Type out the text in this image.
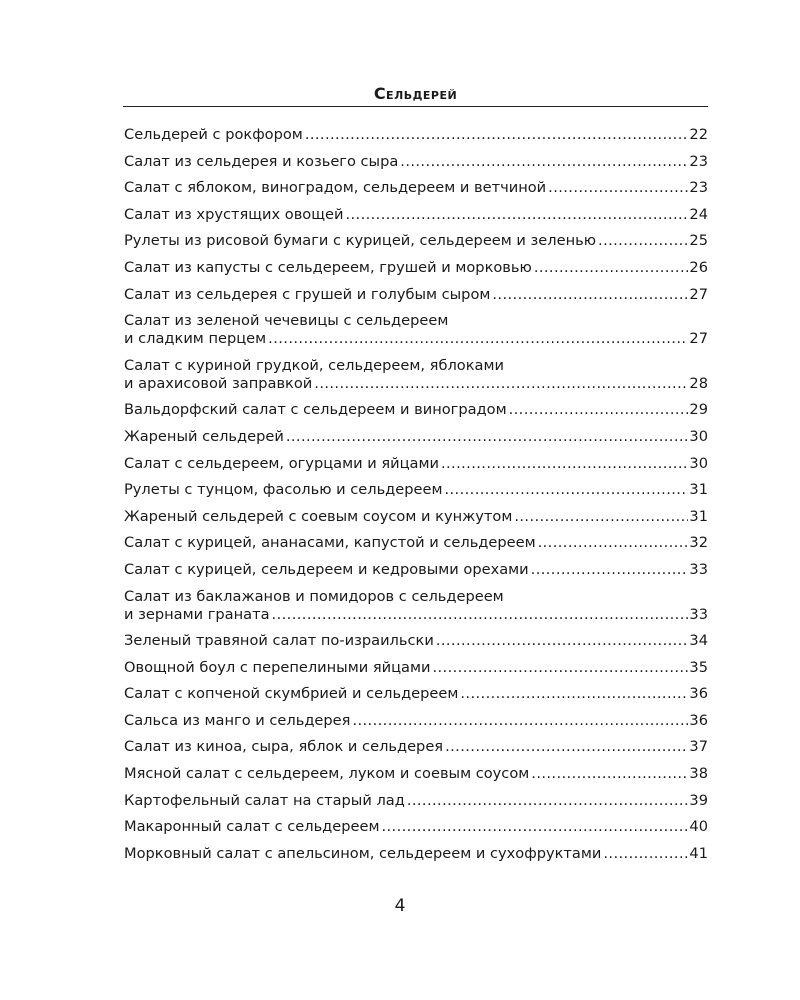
Сельдерей
Сельдерей с рокфором .....	22
Салат из сельдерея и козьего сыра .....	23
Салат с яблоком, виноградом, сельдереем и ветчиной .....	23
Салат из хрустящих овощей .....	24
Рулеты из рисовой бумаги с курицей, сельдереем и зеленью .....	25
Салат из капусты с сельдереем, грушей и морковью .....	26
Салат из сельдерея с грушей и голубым сыром .....	27
Салат из зеленой чечевицы с сельдереем
и сладким перцем .....	27
Салат с куриной грудкой, сельдереем, яблоками
и арахисовой заправкой .....	28
Вальдорфский салат с сельдереем и виноградом .....	29
Жареный сельдерей .....	30
Салат с сельдереем, огурцами и яйцами .....	30
Рулеты с тунцом, фасолью и сельдереем .....	31
Жареный сельдерей с соевым соусом и кунжутом .....	31
Салат с курицей, ананасами, капустой и сельдереем .....	32
Салат с курицей, сельдереем и кедровыми орехами .....	33
Салат из баклажанов и помидоров с сельдереем
и зернами граната .....	33
Зеленый травяной салат по-израильски .....	34
Овощной боул с перепелиными яйцами .....	35
Салат с копченой скумбрией и сельдереем .....	36
Сальса из манго и сельдерея .....	36
Салат из киноа, сыра, яблок и сельдерея .....	37
Мясной салат с сельдереем, луком и соевым соусом .....	38
Картофельный салат на старый лад .....	39
Макаронный салат с сельдереем .....	40
Морковный салат с апельсином, сельдереем и сухофруктами .....	41
4
